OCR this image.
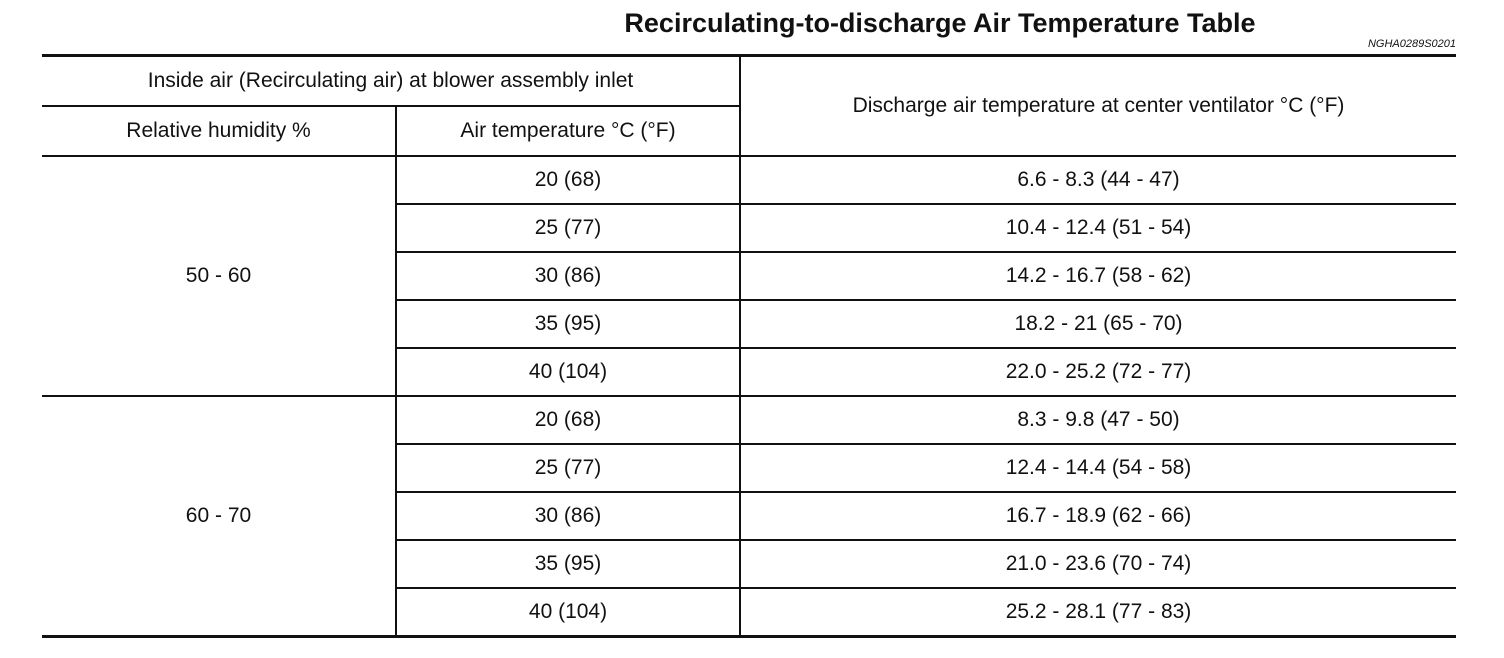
Recirculating-to-discharge Air Temperature Table
NGHA0289S0201
Inside air (Recirculating air) at blower assembly inlet		Discharge air temperature at center ventilator °C (°F)
Relative humidity %	Air temperature °C (°F)	
50 - 60	20 (68)	6.6 - 8.3 (44 - 47)
	25 (77)	10.4 - 12.4 (51 - 54)
	30 (86)	14.2 - 16.7 (58 - 62)
	35 (95)	18.2 - 21 (65 - 70)
	40 (104)	22.0 - 25.2 (72 - 77)
60 - 70	20 (68)	8.3 - 9.8 (47 - 50)
	25 (77)	12.4 - 14.4 (54 - 58)
	30 (86)	16.7 - 18.9 (62 - 66)
	35 (95)	21.0 - 23.6 (70 - 74)
	40 (104)	25.2 - 28.1 (77 - 83)
